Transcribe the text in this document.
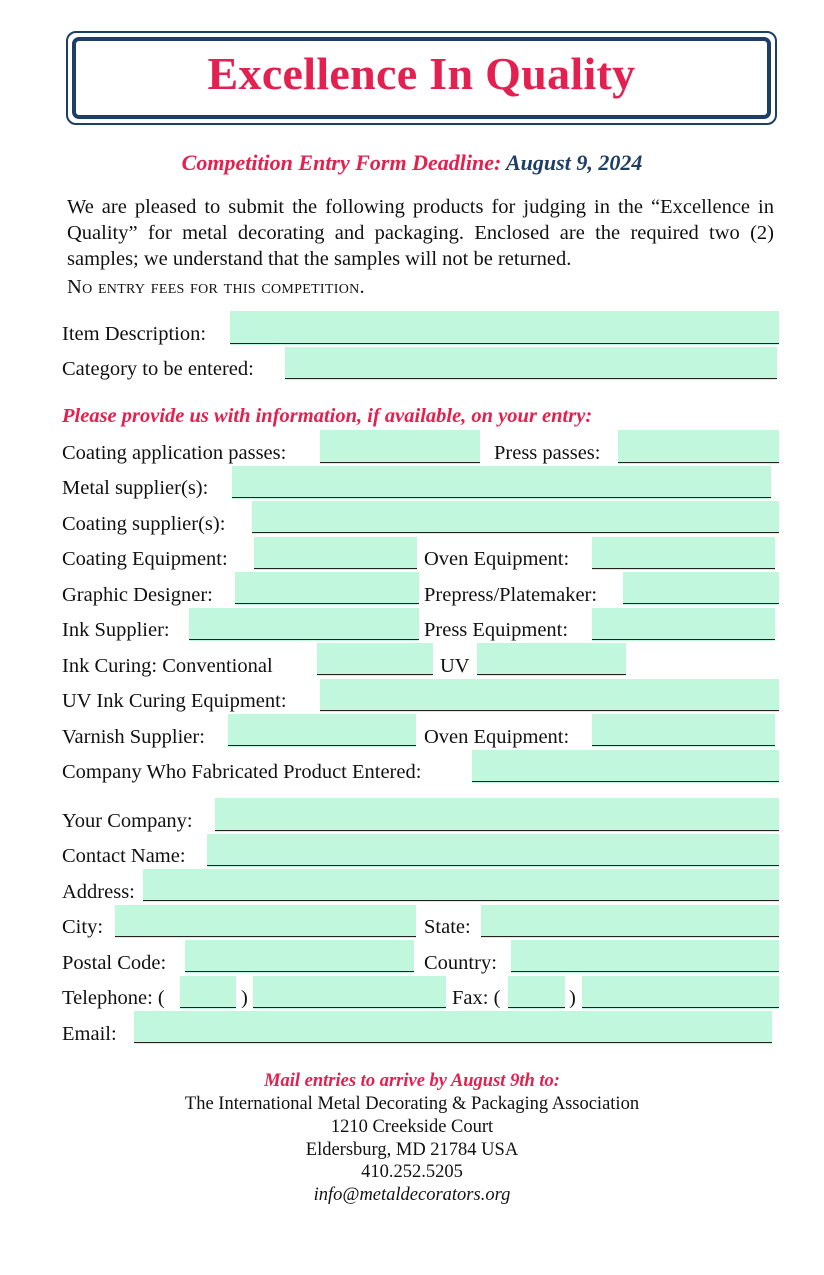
Excellence In Quality
Competition Entry Form Deadline: August 9, 2024

We are pleased to submit the following products for judging in the “Excellence in Quality” for metal decorating and packaging. Enclosed are the required two (2) samples; we understand that the samples will not be returned.

No entry fees for this competition.
Item Description:
Category to be entered:
Please provide us with information, if available, on your entry:
Coating application passes:	Press passes:
Metal supplier(s):
Coating supplier(s):
Coating Equipment:	Oven Equipment:
Graphic Designer:	Prepress/Platemaker:
Ink Supplier:	Press Equipment:
Ink Curing: Conventional	UV
UV Ink Curing Equipment:
Varnish Supplier:	Oven Equipment:
Company Who Fabricated Product Entered:
Your Company:
Contact Name:
Address:
City:	State:
Postal Code:	Country:
Telephone: (	)	Fax: (	)
Email:
Mail entries to arrive by August 9th to:
The International Metal Decorating & Packaging Association
1210 Creekside Court
Eldersburg, MD 21784 USA
410.252.5205
info@metaldecorators.org
